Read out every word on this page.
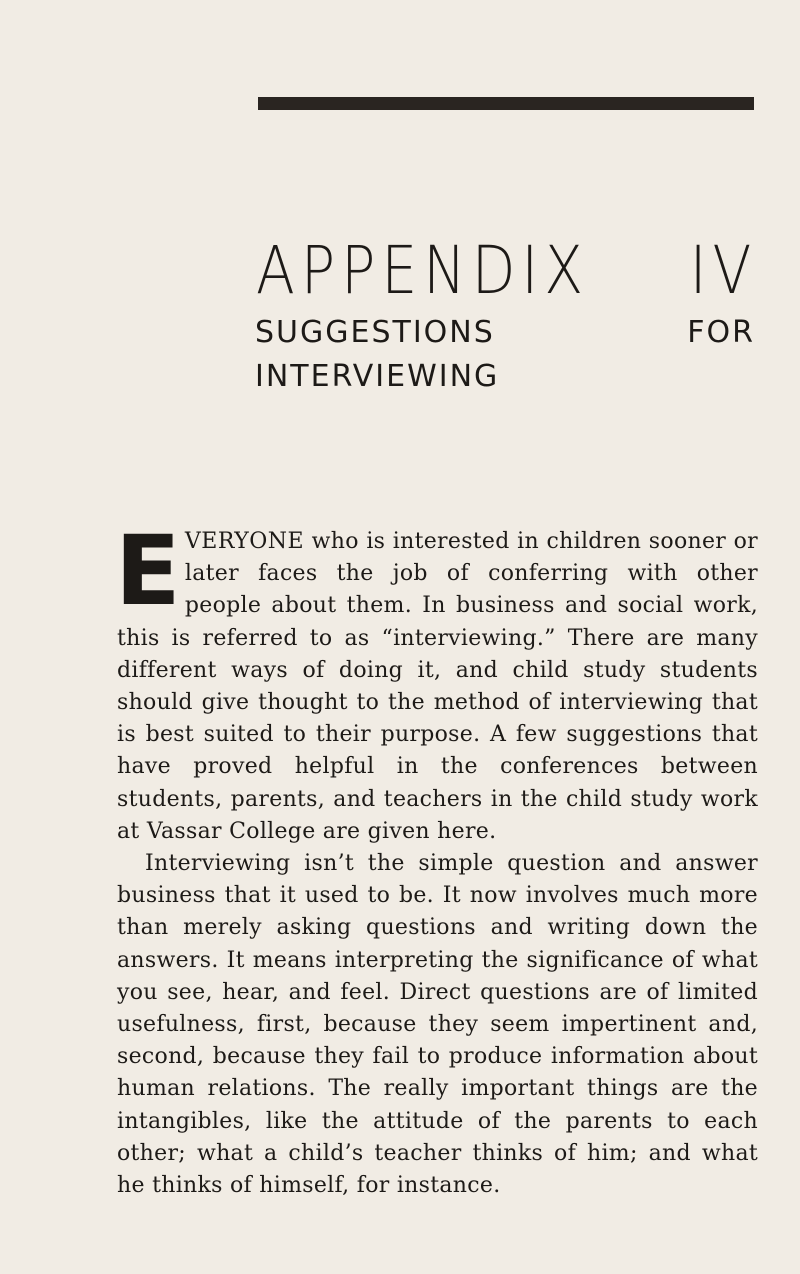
APPENDIX IV
SUGGESTIONS FOR
INTERVIEWING

EVERYONE who is interested in children sooner or later faces the job of conferring with other people about them. In business and social work, this is referred to as “interviewing.” There are many different ways of doing it, and child study students should give thought to the method of interviewing that is best suited to their purpose. A few suggestions that have proved helpful in the conferences between students, parents, and teachers in the child study work at Vassar College are given here.

Interviewing isn’t the simple question and answer business that it used to be. It now involves much more than merely asking questions and writing down the answers. It means interpreting the significance of what you see, hear, and feel. Direct questions are of limited usefulness, first, because they seem impertinent and, second, because they fail to produce information about human relations. The really important things are the intangibles, like the attitude of the parents to each other; what a child’s teacher thinks of him; and what he thinks of himself, for instance.
